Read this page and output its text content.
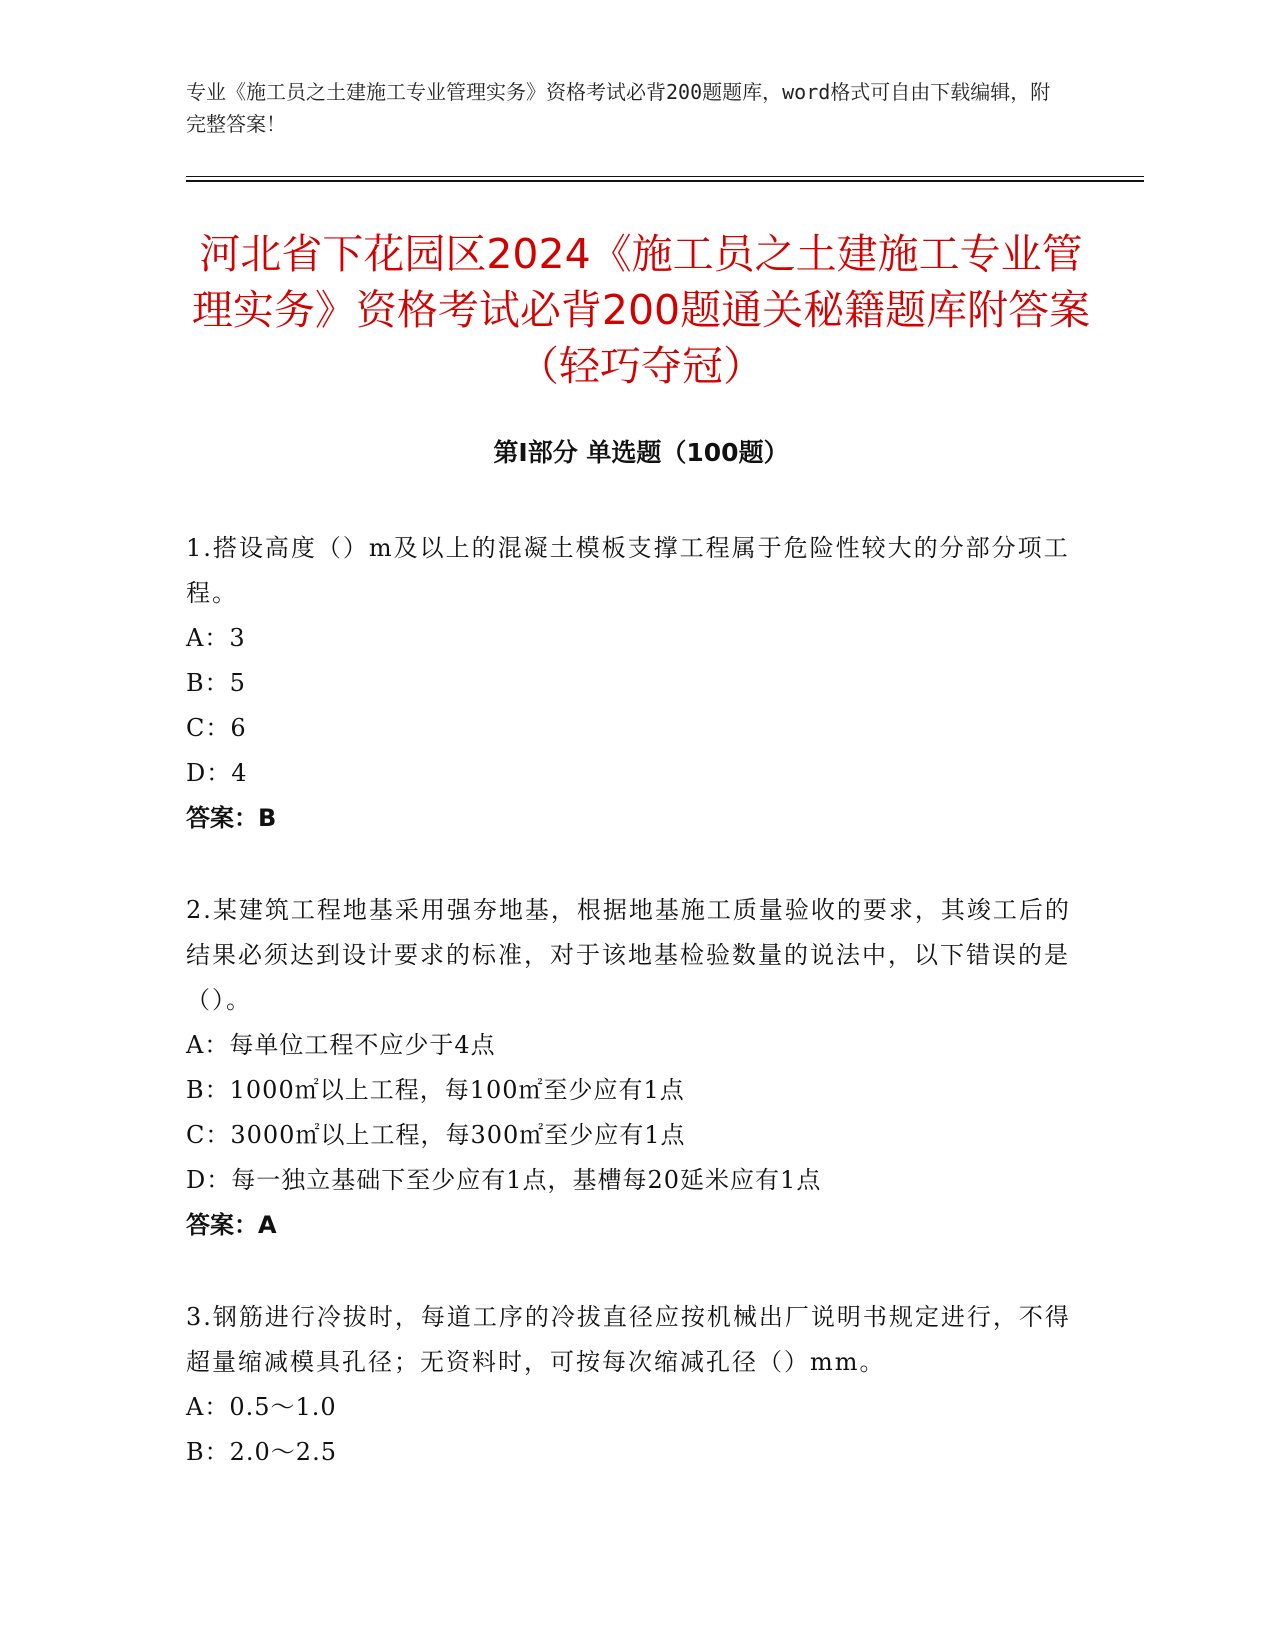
专业《施工员之土建施工专业管理实务》资格考试必背200题题库，word格式可自由下载编辑，附完整答案！
河北省下花园区2024《施工员之土建施工专业管理实务》资格考试必背200题通关秘籍题库附答案（轻巧夺冠）
第I部分 单选题（100题）
1.搭设高度（）m及以上的混凝土模板支撑工程属于危险性较大的分部分项工程。
A：3
B：5
C：6
D：4
答案：B
2.某建筑工程地基采用强夯地基，根据地基施工质量验收的要求，其竣工后的结果必须达到设计要求的标准，对于该地基检验数量的说法中，以下错误的是（）。
A：每单位工程不应少于4点
B：1000㎡以上工程，每100㎡至少应有1点
C：3000㎡以上工程，每300㎡至少应有1点
D：每一独立基础下至少应有1点，基槽每20延米应有1点
答案：A
3.钢筋进行冷拔时，每道工序的冷拔直径应按机械出厂说明书规定进行，不得超量缩减模具孔径；无资料时，可按每次缩减孔径（）mm。
A：0.5～1.0
B：2.0～2.5
